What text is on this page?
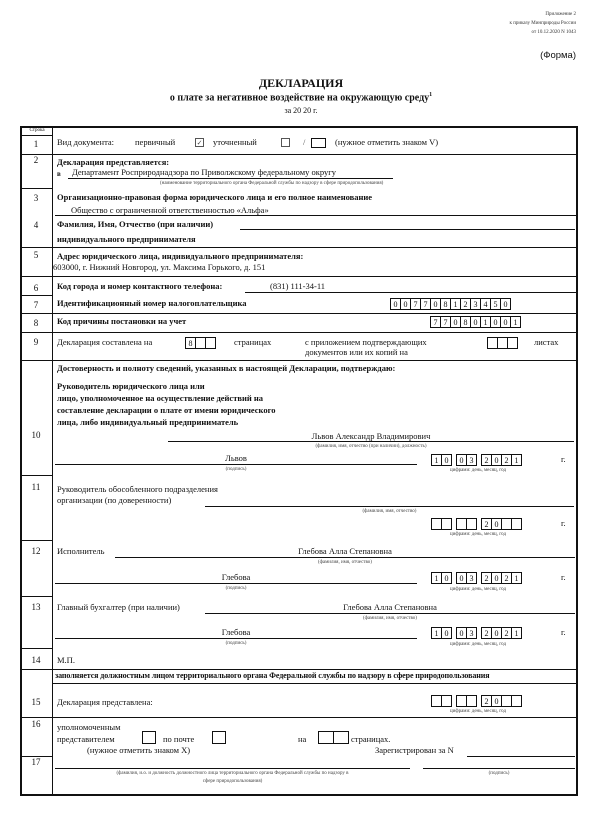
Приложение 2
к приказу Минприроды России
от 10.12.2020 N 1043
(Форма)
ДЕКЛАРАЦИЯ
о плате за негативное воздействие на окружающую среду$^1$
за 20 20 г.
Строка
1	Вид документа: первичный	✓ уточненный	/	(нужное отметить знаком V)
2	Декларация представляется:
в Департамент Росприроднадзора по Приволжскому федеральному округу
(наименование территориального органа Федеральной службы по надзору в сфере природопользования)
3	Организационно-правовая форма юридического лица и его полное наименование
Общество с ограниченной ответственностью «Альфа»
4	Фамилия, Имя, Отчество (при наличии)
индивидуального предпринимателя
5	Адрес юридического лица, индивидуального предпринимателя:
603000, г. Нижний Новгород, ул. Максима Горького, д. 151
6	Код города и номер контактного телефона:	(831) 111-34-11
7	Идентификационный номер налогоплательщика	0 0 7 7 0 8 1 2 3 4 5 0
8	Код причины постановки на учет	7 7 0 8 0 1 0 0 1
9	Декларация составлена на	8	страницах	с приложением подтверждающих
документов или их копий на
листах
10
Достоверность и полноту сведений, указанных в настоящей Декларации, подтверждаю:
Руководитель юридического лица или
лицо, уполномоченное на осуществление действий на
составление декларации о плате от имени юридического
лица, либо индивидуальный предприниматель
Львов Александр Владимирович
(фамилия, имя, отчество (при наличии), должность)
Львов
(подпись)
1 0	0 3	2 0 2 1	г.
цифрами: день, месяц, год
11	Руководитель обособленного подразделения
организации (по доверенности)
(фамилия, имя, отчество)
2 0	г.
цифрами: день, месяц, год
12	Исполнитель	Глебова Алла Степановна
(фамилия, имя, отчество)
Глебова
(подпись)
1 0	0 3	2 0 2 1	г.
цифрами: день, месяц, год
13	Главный бухгалтер (при наличии)	Глебова Алла Степановна
(фамилия, имя, отчество)
Глебова
(подпись)
1 0	0 3	2 0 2 1	г.
цифрами: день, месяц, год
14	М.П.
заполняется должностным лицом территориального органа Федеральной службы по надзору в сфере природопользования
15	Декларация представлена:	2 0
цифрами: день, месяц, год
16	уполномоченным
представителем	по почте	на	страницах.
(нужное отметить знаком X)	Зарегистрирован за N
17
(фамилия, и.о. и должность должностного лица территориального органа Федеральной службы по надзору в
сфере природопользования)
(подпись)
